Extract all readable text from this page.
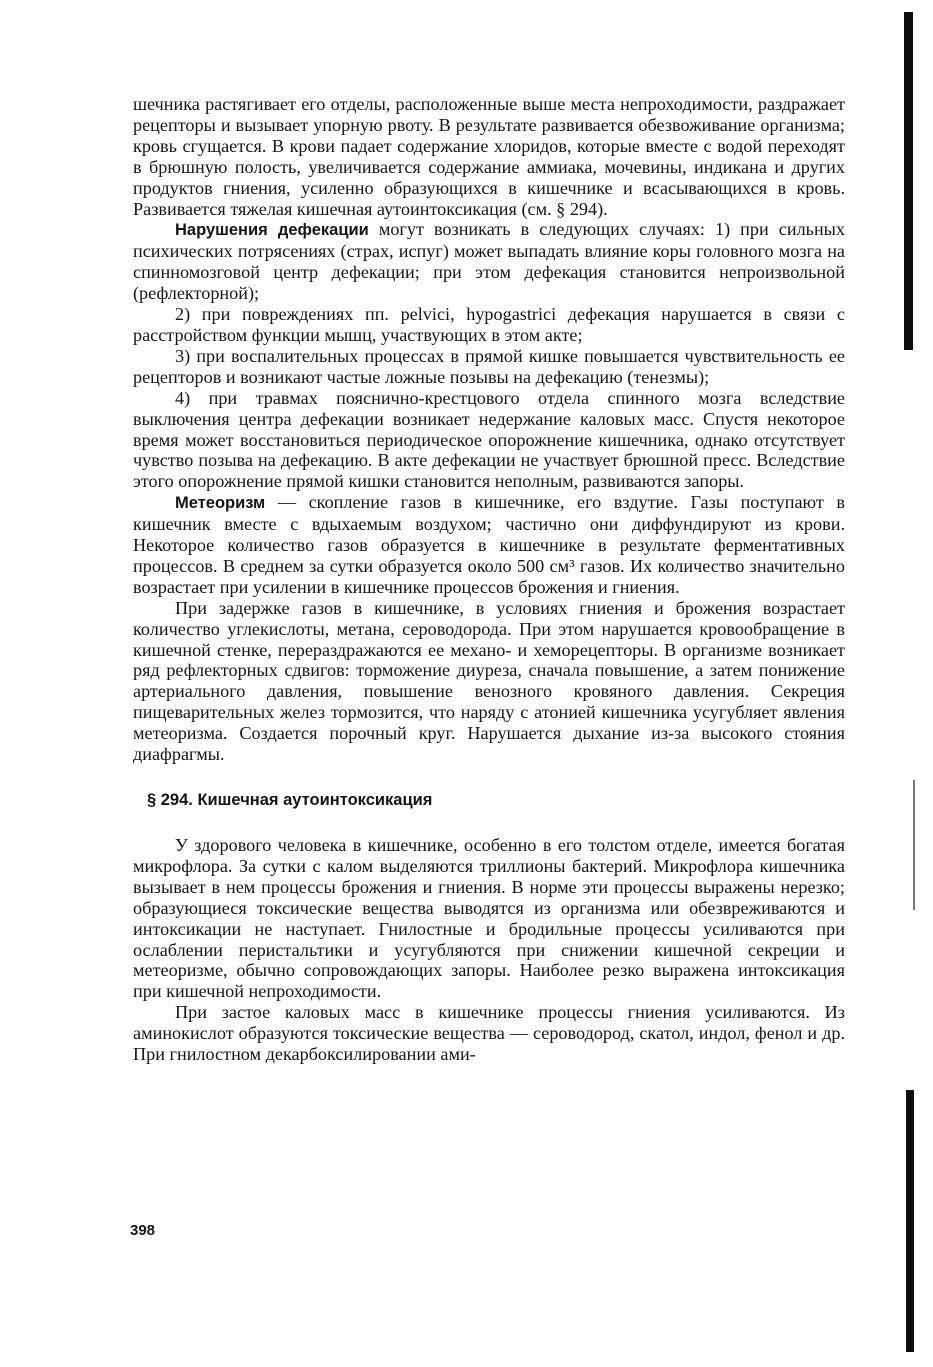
шечника растягивает его отделы, расположенные выше места непроходимости, раздражает рецепторы и вызывает упорную рвоту. В результате развивается обезвоживание организма; кровь сгущается. В крови падает содержание хлоридов, которые вместе с водой переходят в брюшную полость, увеличивается содержание аммиака, мочевины, индикана и других продуктов гниения, усиленно образующихся в кишечнике и всасывающихся в кровь. Развивается тяжелая кишечная аутоинтоксикация (см. § 294).

Нарушения дефекации могут возникать в следующих случаях: 1) при сильных психических потрясениях (страх, испуг) может выпадать влияние коры головного мозга на спинномозговой центр дефекации; при этом дефекация становится непроизвольной (рефлекторной);

2) при повреждениях пп. pelvici, hypogastrici дефекация нарушается в связи с расстройством функции мышц, участвующих в этом акте;

3) при воспалительных процессах в прямой кишке повышается чувствительность ее рецепторов и возникают частые ложные позывы на дефекацию (тенезмы);

4) при травмах пояснично-крестцового отдела спинного мозга вследствие выключения центра дефекации возникает недержание каловых масс. Спустя некоторое время может восстановиться периодическое опорожнение кишечника, однако отсутствует чувство позыва на дефекацию. В акте дефекации не участвует брюшной пресс. Вследствие этого опорожнение прямой кишки становится неполным, развиваются запоры.

Метеоризм — скопление газов в кишечнике, его вздутие. Газы поступают в кишечник вместе с вдыхаемым воздухом; частично они диффундируют из крови. Некоторое количество газов образуется в кишечнике в результате ферментативных процессов. В среднем за сутки образуется около 500 см³ газов. Их количество значительно возрастает при усилении в кишечнике процессов брожения и гниения.

При задержке газов в кишечнике, в условиях гниения и брожения возрастает количество углекислоты, метана, сероводорода. При этом нарушается кровообращение в кишечной стенке, перераздражаются ее механо- и хеморецепторы. В организме возникает ряд рефлекторных сдвигов: торможение диуреза, сначала повышение, а затем понижение артериального давления, повышение венозного кровяного давления. Секреция пищеварительных желез тормозится, что наряду с атонией кишечника усугубляет явления метеоризма. Создается порочный круг. Нарушается дыхание из-за высокого стояния диафрагмы.

§ 294. Кишечная аутоинтоксикация

У здорового человека в кишечнике, особенно в его толстом отделе, имеется богатая микрофлора. За сутки с калом выделяются триллионы бактерий. Микрофлора кишечника вызывает в нем процессы брожения и гниения. В норме эти процессы выражены нерезко; образующиеся токсические вещества выводятся из организма или обезвреживаются и интоксикации не наступает. Гнилостные и бродильные процессы усиливаются при ослаблении перистальтики и усугубляются при снижении кишечной секреции и метеоризме, обычно сопровождающих запоры. Наиболее резко выражена интоксикация при кишечной непроходимости.

При застое каловых масс в кишечнике процессы гниения усиливаются. Из аминокислот образуются токсические вещества — сероводород, скатол, индол, фенол и др. При гнилостном декарбоксилировании ами-

398
